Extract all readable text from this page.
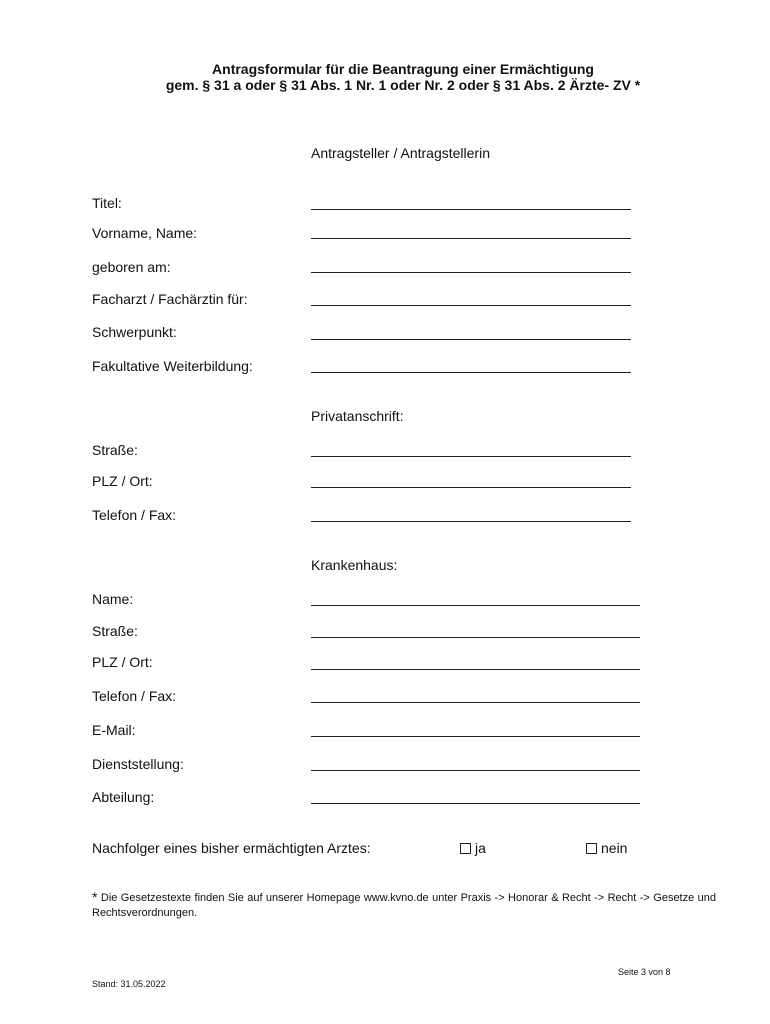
Antragsformular für die Beantragung einer Ermächtigung
gem. § 31 a oder § 31 Abs. 1 Nr. 1 oder Nr. 2 oder § 31 Abs. 2 Ärzte- ZV *
Antragsteller / Antragstellerin
Titel:
Vorname, Name:
geboren am:
Facharzt / Fachärztin für:
Schwerpunkt:
Fakultative Weiterbildung:
Privatanschrift:
Straße:
PLZ / Ort:
Telefon / Fax:
Krankenhaus:
Name:
Straße:
PLZ / Ort:
Telefon / Fax:
E-Mail:
Dienststellung:
Abteilung:
Nachfolger eines bisher ermächtigten Arztes:	ja	nein
* Die Gesetzestexte finden Sie auf unserer Homepage www.kvno.de unter Praxis -> Honorar & Recht -> Recht -> Gesetze und Rechtsverordnungen.
Seite 3 von 8
Stand: 31.05.2022
